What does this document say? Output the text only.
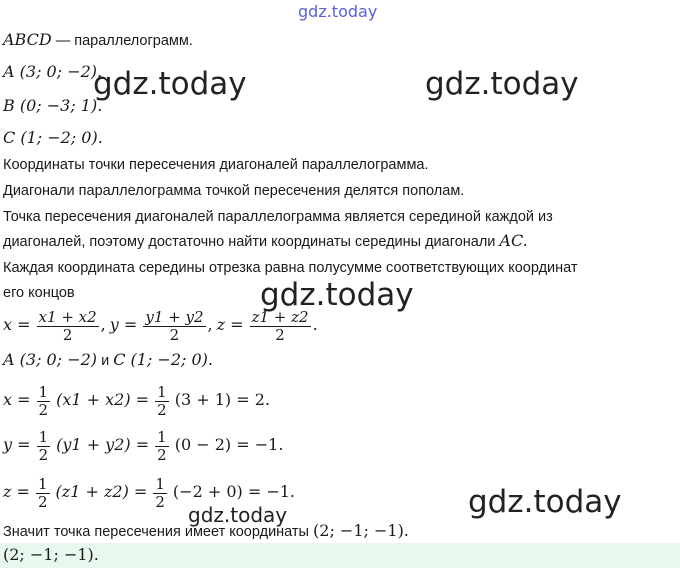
gdz.today
gdz.today	gdz.today
gdz.today
gdz.today
gdz.today
ABCD — параллелограмм.
A (3; 0; −2).
B (0; −3; 1).
C (1; −2; 0).
Координаты точки пересечения диагоналей параллелограмма.
Диагонали параллелограмма точкой пересечения делятся пополам.
Точка пересечения диагоналей параллелограмма является серединой каждой из
диагоналей, поэтому достаточно найти координаты середины диагонали AC.
Каждая координата середины отрезка равна полусумме соответствующих координат
его концов
$x = \frac{x1 + x2}{2}$ , $y = \frac{y1 + y2}{2}$ , $z = \frac{z1 + z2}{2}$ .
A (3; 0; −2) и C (1; −2; 0).
$x = \frac{1}{2} (x1 + x2) = \frac{1}{2} (3 + 1) = 2$.
$y = \frac{1}{2} (y1 + y2) = \frac{1}{2} (0 - 2) = -1$.
$z = \frac{1}{2} (z1 + z2) = \frac{1}{2} (-2 + 0) = -1$.
Значит точка пересечения имеет координаты (2; −1; −1).
(2; −1; −1).
